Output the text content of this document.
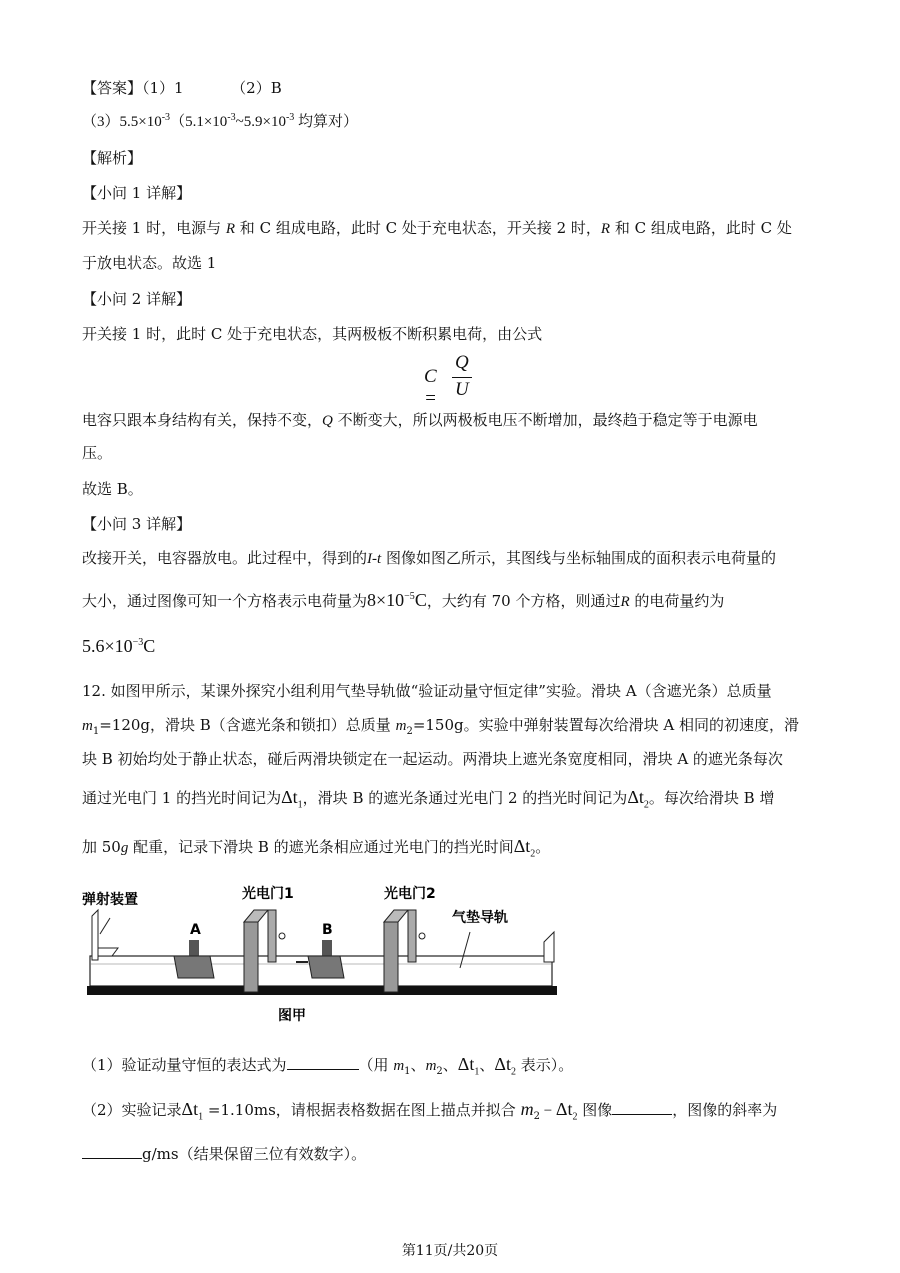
【答案】（1）1	（2）B
$(3)5.5\times 10^{-3}(5.1\times 10^{-3}\sim 5.9\times 10^{-3}$ 均算对）
【解析】
【小问 1 详解】
开关接 1 时，电源与 R 和 C 组成电路，此时 C 处于充电状态，开关接 2 时，R 和 C 组成电路，此时 C 处
于放电状态。故选 1
【小问 2 详解】
开关接 1 时，此时 C 处于充电状态，其两极板不断积累电荷，由公式
C =
Q
U
电容只跟本身结构有关，保持不变，Q 不断变大，所以两极板电压不断增加，最终趋于稳定等于电源电
压。
故选 B。
【小问 3 详解】
改接开关，电容器放电。此过程中，得到的I-t 图像如图乙所示，其图线与坐标轴围成的面积表示电荷量的
大小，通过图像可知一个方格表示电荷量为$8\times 10^{-5}C$，大约有 70 个方格，则通过R 的电荷量约为
$5.6\times 10^{-3}C$
12. 如图甲所示，某课外探究小组利用气垫导轨做“验证动量守恒定律”实验。滑块 A（含遮光条）总质量
$m_1=120g$，滑块 B（含遮光条和锁扣）总质量 $m_2=150g$。实验中弹射装置每次给滑块 A 相同的初速度，滑
块 B 初始均处于静止状态，碰后两滑块锁定在一起运动。两滑块上遮光条宽度相同，滑块 A 的遮光条每次
通过光电门 1 的挡光时间记为$\Delta t_1$，滑块 B 的遮光条通过光电门 2 的挡光时间记为$\Delta t_2$。每次给滑块 B 增
加 50g 配重，记录下滑块 B 的遮光条相应通过光电门的挡光时间$\Delta t_2$。
弹射装置	光电门1	光电门2
气垫导轨
A	B
图甲
（1）验证动量守恒的表达式为	（用 $m_1$、$m_2$、$\Delta t_1$、$\Delta t_2$ 表示）。
（2）实验记录$\Delta t_1 =1.10ms$，请根据表格数据在图上描点并拟合 $m_2 - \Delta t_2$ 图像	，图像的斜率为
g/ms（结果保留三位有效数字）。
第11页/共20页
